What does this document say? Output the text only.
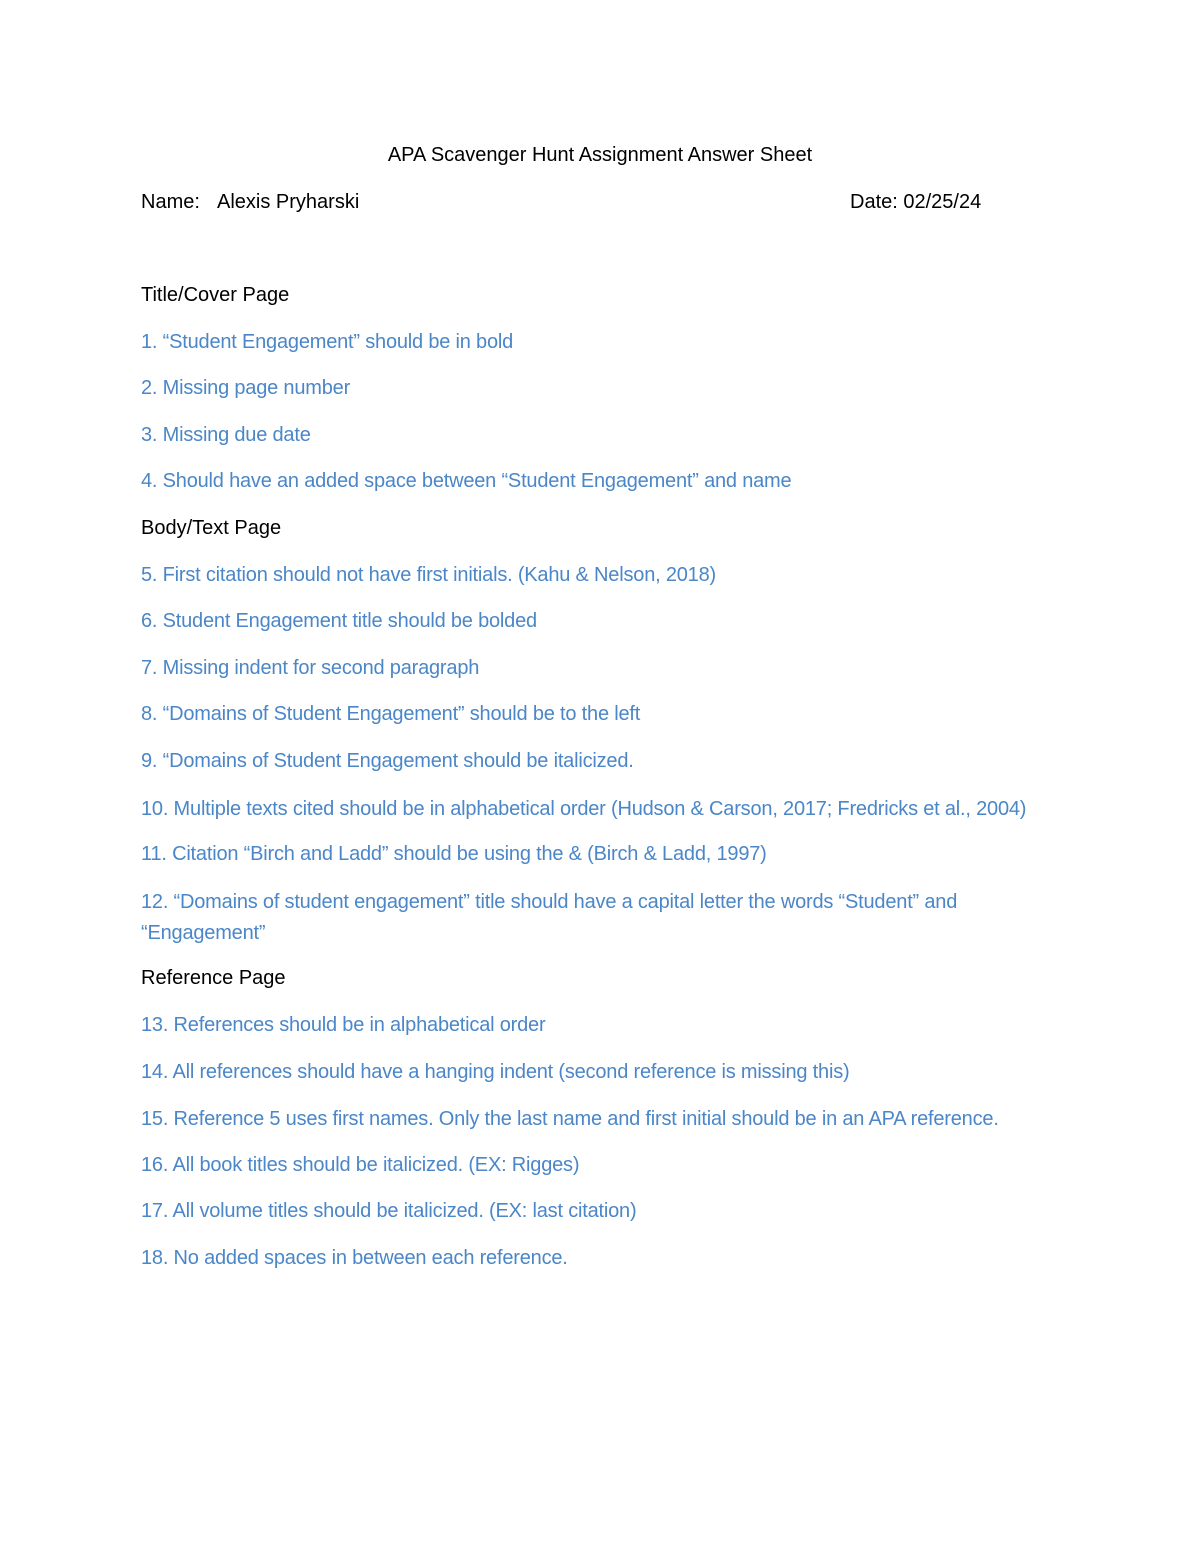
APA Scavenger Hunt Assignment Answer Sheet
Name: Alexis Pryharski	Date: 02/25/24
Title/Cover Page
1. “Student Engagement” should be in bold
2. Missing page number
3. Missing due date
4. Should have an added space between “Student Engagement” and name
Body/Text Page
5. First citation should not have first initials. (Kahu & Nelson, 2018)
6. Student Engagement title should be bolded
7. Missing indent for second paragraph
8. “Domains of Student Engagement” should be to the left
9. “Domains of Student Engagement should be italicized.
10. Multiple texts cited should be in alphabetical order (Hudson & Carson, 2017; Fredricks et al., 2004)
11. Citation “Birch and Ladd” should be using the & (Birch & Ladd, 1997)
12. “Domains of student engagement” title should have a capital letter the words “Student” and “Engagement”
Reference Page
13. References should be in alphabetical order
14. All references should have a hanging indent (second reference is missing this)
15. Reference 5 uses first names. Only the last name and first initial should be in an APA reference.
16. All book titles should be italicized. (EX: Rigges)
17. All volume titles should be italicized. (EX: last citation)
18. No added spaces in between each reference.
